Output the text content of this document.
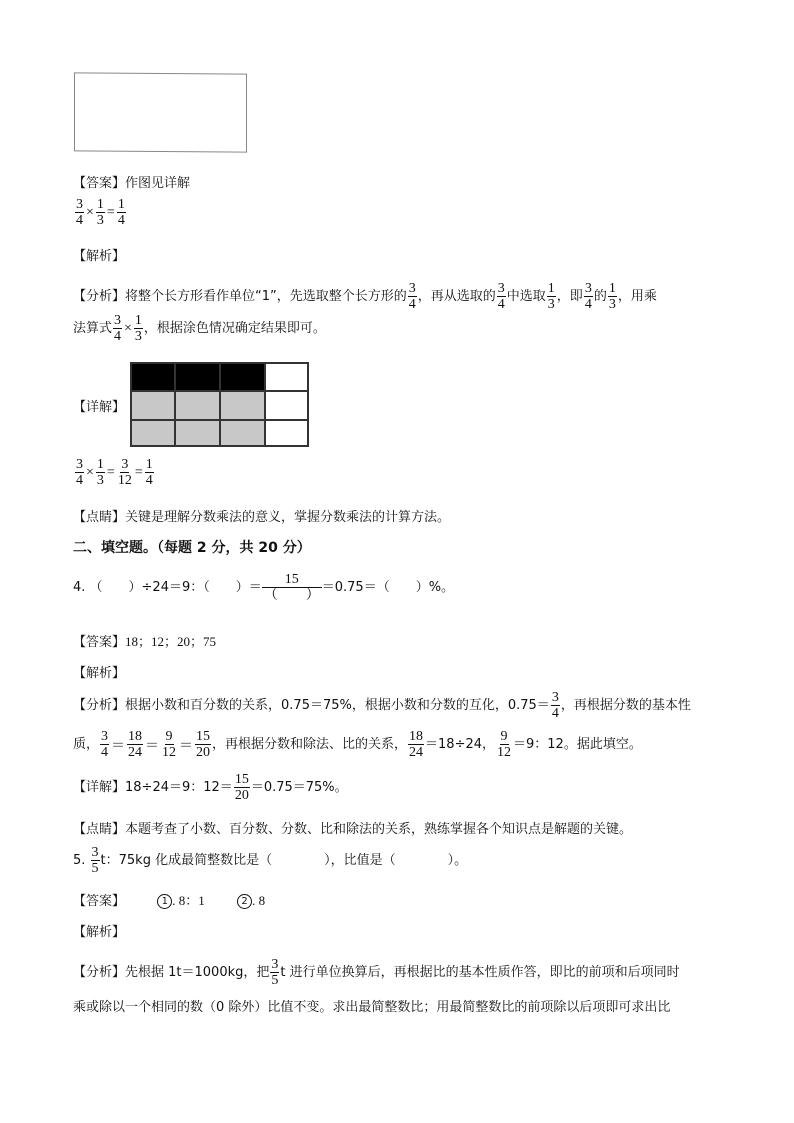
【答案】作图见详解
$\frac{3}{4} \times \frac{1}{3} = \frac{1}{4}$
【解析】
【分析】将整个长方形看作单位“1”，先选取整个长方形的 $\frac{3}{4}$ ，再从选取的 $\frac{3}{4}$ 中选取 $\frac{1}{3}$ ，即 $\frac{3}{4}$ 的 $\frac{1}{3}$ ，用乘
法算式 $\frac{3}{4} \times \frac{1}{3}$ ，根据涂色情况确定结果即可。
【详解】
$\frac{3}{4} \times \frac{1}{3} = \frac{3}{12} = \frac{1}{4}$
【点睛】关键是理解分数乘法的意义，掌握分数乘法的计算方法。
二、填空题。（每题 2 分，共 20 分）
4. （　　）÷24＝9：（　　）＝ $\frac{15}{( )} =0.75=$（　　）%。
【答案】18；12；20；75
【解析】
【分析】根据小数和百分数的关系，0.75＝75%，根据小数和分数的互化，$0.75= \frac{3}{4}$ ，再根据分数的基本性
质， $\frac{3}{4} = \frac{18}{24} = \frac{9}{12} = \frac{15}{20}$ ，再根据分数和除法、比的关系， $\frac{18}{24} =18\div 24$， $\frac{9}{12} =9$：12。据此填空。
【详解】18÷24＝9：$12= \frac{15}{20} =0.75=75\%$。
【点睛】本题考查了小数、百分数、分数、比和除法的关系，熟练掌握各个知识点是解题的关键。
5. $\frac{3}{5}$ t：75kg 化成最简整数比是（　　　　），比值是（　　　　）。
【答案】	1 . 8：1	2 . 8
【解析】
【分析】先根据 1t＝1000kg，把 $\frac{3}{5}$ t 进行单位换算后，再根据比的基本性质作答，即比的前项和后项同时
乘或除以一个相同的数（0 除外）比值不变。求出最简整数比；用最简整数比的前项除以后项即可求出比
